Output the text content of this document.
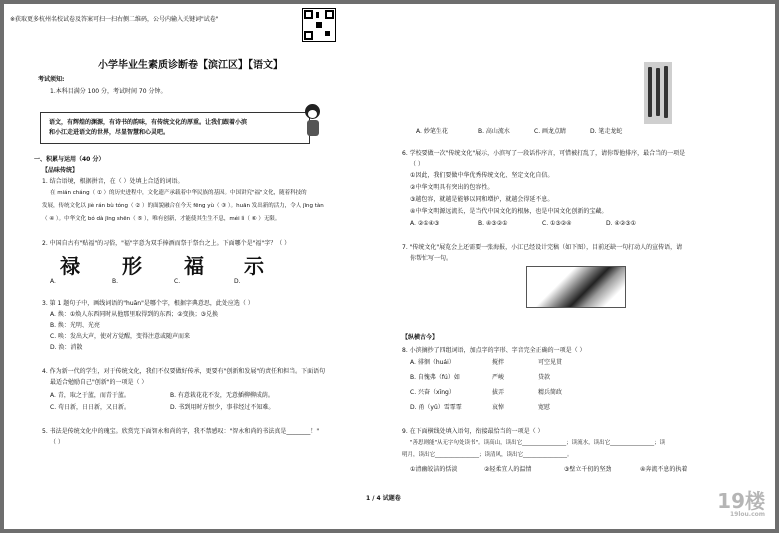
※获取更多杭州名校试卷及答案可扫一扫右侧二维码，公号内输入关键词"试卷"
小学毕业生素质诊断卷【滨江区】【语文】
考试须知:
1.本科目满分 100 分，考试时间 70 分钟。
语文，有辉煌的渊源，有诗书的韵味，有传统文化的厚重。让我们跟着小滨
和小江走进语文的世界，尽显智慧和心灵吧。
一、积累与运用（40 分）
【品味传统】
1. 结合语境，根据拼音，在（ ）处填上合适的词语。
在 mián cháng（ ① ）的历史进程中，文化遗产承载着中华民族的基因。中国讲究"福"文化，随着科技的
发展，传统文化以 jiè rán bù tóng（ ② ）的面貌融合在今天 fēng yù（ ③ ）。huān 发出新的活力，令人 jīng tàn
（ ④ ）。中华文化 bó dà jīng shēn（ ⑤ ），唯有创新，才能使其生生不息，méi lì（ ⑥ ）无限。
2. 中国自古有"贴福"的习俗，"福"字意为双手捧酒而祭于祭台之上。下面哪个是"福"字？（ ）
A.
禄
B.
形
C.
福
D.
示
3. 第 1 题句子中，画线词语的"huān"是哪个字，根据字典意思，此处应选（ ）
A. 焕：①焕人东西同时从他那里取得到的东西；②变换；③兑换
B. 焕：光明、光亮
C. 唤：发出大声，使对方觉醒，变得注意或随声而来
D. 涣：消散
4. 作为新一代的学生，对于传统文化，我们不仅要做好传承，更要有"创新和发展"的责任和担当。下面语句
最适合勉励自己"创新"的一项是（ ）
A. 青，取之于蓝，而青于蓝。	B. 有意栽花花不发，无意插柳柳成荫。
C. 苟日新，日日新，又日新。	D. 书到用时方恨少，事非经过不知难。
5. 书法是传统文化中的瑰宝。欣赏完下面智永和尚的字，我不禁感叹："智永和尚的书法真是________！"
（ ）
A. 妙笔生花	B. 高山流水	C. 画龙点睛	D. 笔走龙蛇
6. 学校要做一次"传统文化"展示，小滨写了一段话作序言，可惜被打乱了，请你帮他排序，最合当的一项是
（ ）
①因此，我们要做中华优秀传统文化、坚定文化自信。
②中华文明具有突出的包容性。
③越包容，就越是能够以同和增护，就越会得延不息。
④中华文明源远流长，是当代中国文化的根脉，也是中国文化创新的宝藏。
A. ②①④③	B. ④③②①	C. ①③②④	D. ④②③①
7. "传统文化"展览会上还需要一张海报，小江已经设计完稿（如下图），目前还缺一句打动人的宣传语，请
你帮忙写一句。
【纵横古今】
8. 小滨摘抄了四组词语，加点字的字形、字音完全正确的一项是（ ）
A. 徘徊（huái）	搅拌	可空见贯
B. 自愧弗（fú）如	严峻	贷款
C. 兴奋（xīng）	拔弄	精兵简政
D. 甬（yǔ）雪霏霏	哀悼	宽慰
9. 在下面横线处填入语句，衔接最恰当的一项是（ ）
"善思则能"从无字句处读书"。读高山，读出它________________；读流水，读出它________________；读
明月，读出它________________；读清风，读出它________________。
①清幽皎洁的恬淡	②轻柔宜人的温情	③壁立千仞的坚劲	④奔流不息的执着
1 / 4 试题卷	19楼
19lou.com
